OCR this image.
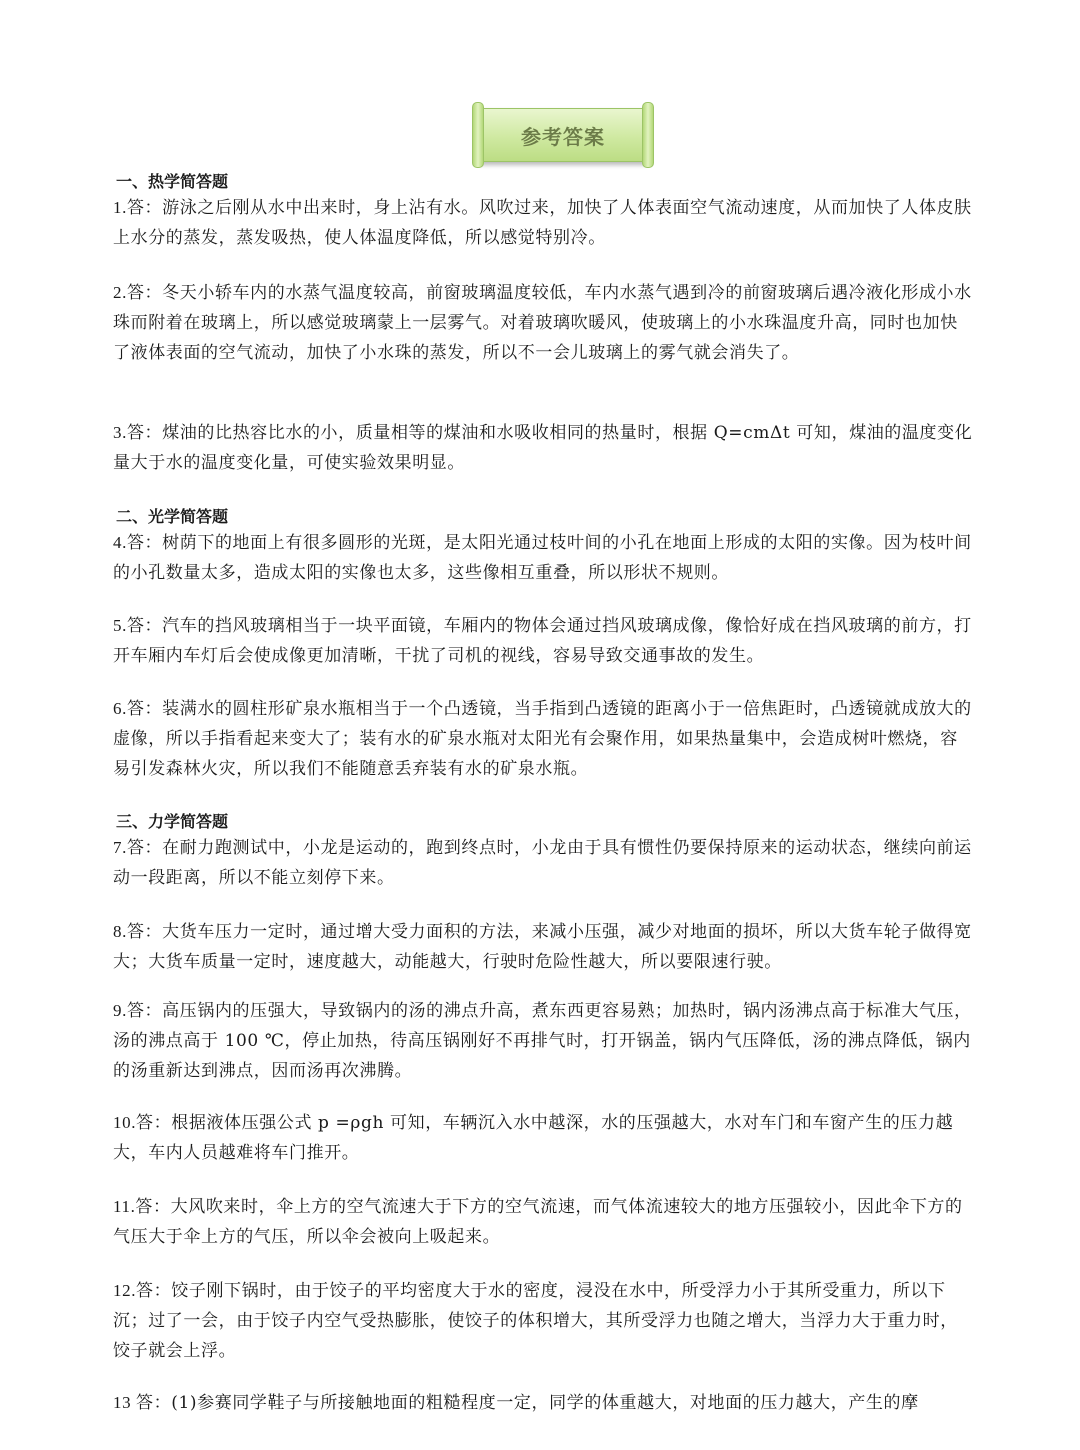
参考答案
一、热学简答题

1.答：游泳之后刚从水中出来时，身上沾有水。风吹过来，加快了人体表面空气流动速度，从而加快了人体皮肤上水分的蒸发，蒸发吸热，使人体温度降低，所以感觉特别冷。

2.答：冬天小轿车内的水蒸气温度较高，前窗玻璃温度较低，车内水蒸气遇到冷的前窗玻璃后遇冷液化形成小水珠而附着在玻璃上，所以感觉玻璃蒙上一层雾气。对着玻璃吹暖风，使玻璃上的小水珠温度升高，同时也加快了液体表面的空气流动，加快了小水珠的蒸发，所以不一会儿玻璃上的雾气就会消失了。

3.答：煤油的比热容比水的小，质量相等的煤油和水吸收相同的热量时，根据 Q=cmΔt 可知，煤油的温度变化量大于水的温度变化量，可使实验效果明显。

二、光学简答题

4.答：树荫下的地面上有很多圆形的光斑，是太阳光通过枝叶间的小孔在地面上形成的太阳的实像。因为枝叶间的小孔数量太多，造成太阳的实像也太多，这些像相互重叠，所以形状不规则。

5.答：汽车的挡风玻璃相当于一块平面镜，车厢内的物体会通过挡风玻璃成像，像恰好成在挡风玻璃的前方，打开车厢内车灯后会使成像更加清晰，干扰了司机的视线，容易导致交通事故的发生。

6.答：装满水的圆柱形矿泉水瓶相当于一个凸透镜，当手指到凸透镜的距离小于一倍焦距时，凸透镜就成放大的虚像，所以手指看起来变大了；装有水的矿泉水瓶对太阳光有会聚作用，如果热量集中，会造成树叶燃烧，容易引发森林火灾，所以我们不能随意丢弃装有水的矿泉水瓶。

三、力学简答题

7.答：在耐力跑测试中，小龙是运动的，跑到终点时，小龙由于具有惯性仍要保持原来的运动状态，继续向前运动一段距离，所以不能立刻停下来。

8.答：大货车压力一定时，通过增大受力面积的方法，来减小压强，减少对地面的损坏，所以大货车轮子做得宽大；大货车质量一定时，速度越大，动能越大，行驶时危险性越大，所以要限速行驶。

9.答：高压锅内的压强大，导致锅内的汤的沸点升高，煮东西更容易熟；加热时，锅内汤沸点高于标准大气压，汤的沸点高于 100 ℃，停止加热，待高压锅刚好不再排气时，打开锅盖，锅内气压降低，汤的沸点降低，锅内的汤重新达到沸点，因而汤再次沸腾。

10.答：根据液体压强公式 p =ρgh 可知，车辆沉入水中越深，水的压强越大，水对车门和车窗产生的压力越大，车内人员越难将车门推开。

11.答：大风吹来时，伞上方的空气流速大于下方的空气流速，而气体流速较大的地方压强较小，因此伞下方的气压大于伞上方的气压，所以伞会被向上吸起来。

12.答：饺子刚下锅时，由于饺子的平均密度大于水的密度，浸没在水中，所受浮力小于其所受重力，所以下沉；过了一会，由于饺子内空气受热膨胀，使饺子的体积增大，其所受浮力也随之增大，当浮力大于重力时，饺子就会上浮。

13 答：(1)参赛同学鞋子与所接触地面的粗糙程度一定，同学的体重越大，对地面的压力越大，产生的摩
